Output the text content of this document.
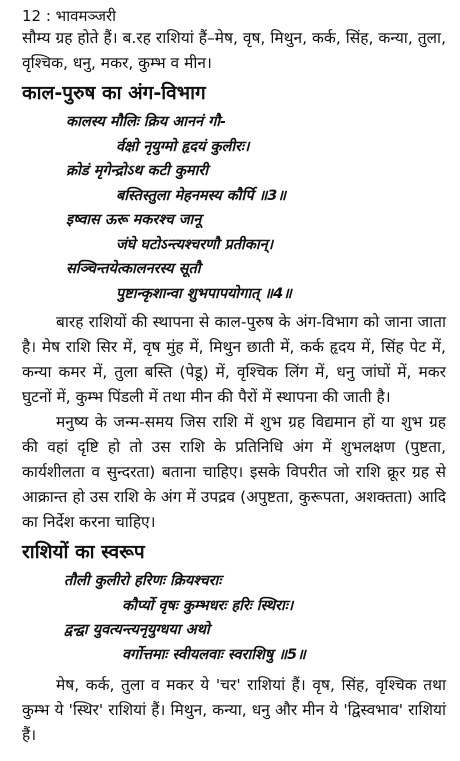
12 : भावमञ्जरी
सौम्य ग्रह होते हैं। ब.रह राशियां हैं–मेष, वृष, मिथुन, कर्क, सिंह, कन्या, तुला, वृश्चिक, धनु, मकर, कुम्भ व मीन।
काल-पुरुष का अंग-विभाग
कालस्य मौलिः क्रिय आननं गौ-
र्वक्षो नृयुग्मो हृदयं कुलीरः।
क्रोडं मृगेन्द्रोऽथ कटी कुमारी
बस्तिस्तुला मेहनमस्य कौर्पि ॥3॥
इष्वास ऊरू मकरश्च जानू
जंघे घटोऽन्त्यश्चरणौ प्रतीकान्।
सञ्चिन्तयेत्कालनरस्य सूतौ
पुष्टान्कृशान्वा शुभपापयोगात् ॥4॥
बारह राशियों की स्थापना से काल-पुरुष के अंग-विभाग को जाना जाता है। मेष राशि सिर में, वृष मुंह में, मिथुन छाती में, कर्क हृदय में, सिंह पेट में, कन्या कमर में, तुला बस्ति (पेडू) में, वृश्चिक लिंग में, धनु जांघों में, मकर घुटनों में, कुम्भ पिंडली में तथा मीन की पैरों में स्थापना की जाती है।
मनुष्य के जन्म-समय जिस राशि में शुभ ग्रह विद्यमान हों या शुभ ग्रह की वहां दृष्टि हो तो उस राशि के प्रतिनिधि अंग में शुभलक्षण (पुष्टता, कार्यशीलता व सुन्दरता) बताना चाहिए। इसके विपरीत जो राशि क्रूर ग्रह से आक्रान्त हो उस राशि के अंग में उपद्रव (अपुष्टता, कुरूपता, अशक्तता) आदि का निर्देश करना चाहिए।
राशियों का स्वरूप
तौली कुलीरो हरिणः क्रियश्चराः
कौर्प्यो वृषः कुम्भधरः हरिः स्थिराः।
द्वन्द्वा युवत्यन्त्यनृयुग्धया अथो
वर्गोत्तमाः स्वीयलवाः स्वराशिषु ॥5॥
मेष, कर्क, तुला व मकर ये 'चर' राशियां हैं। वृष, सिंह, वृश्चिक तथा कुम्भ ये 'स्थिर' राशियां हैं। मिथुन, कन्या, धनु और मीन ये 'द्विस्वभाव' राशियां हैं।
